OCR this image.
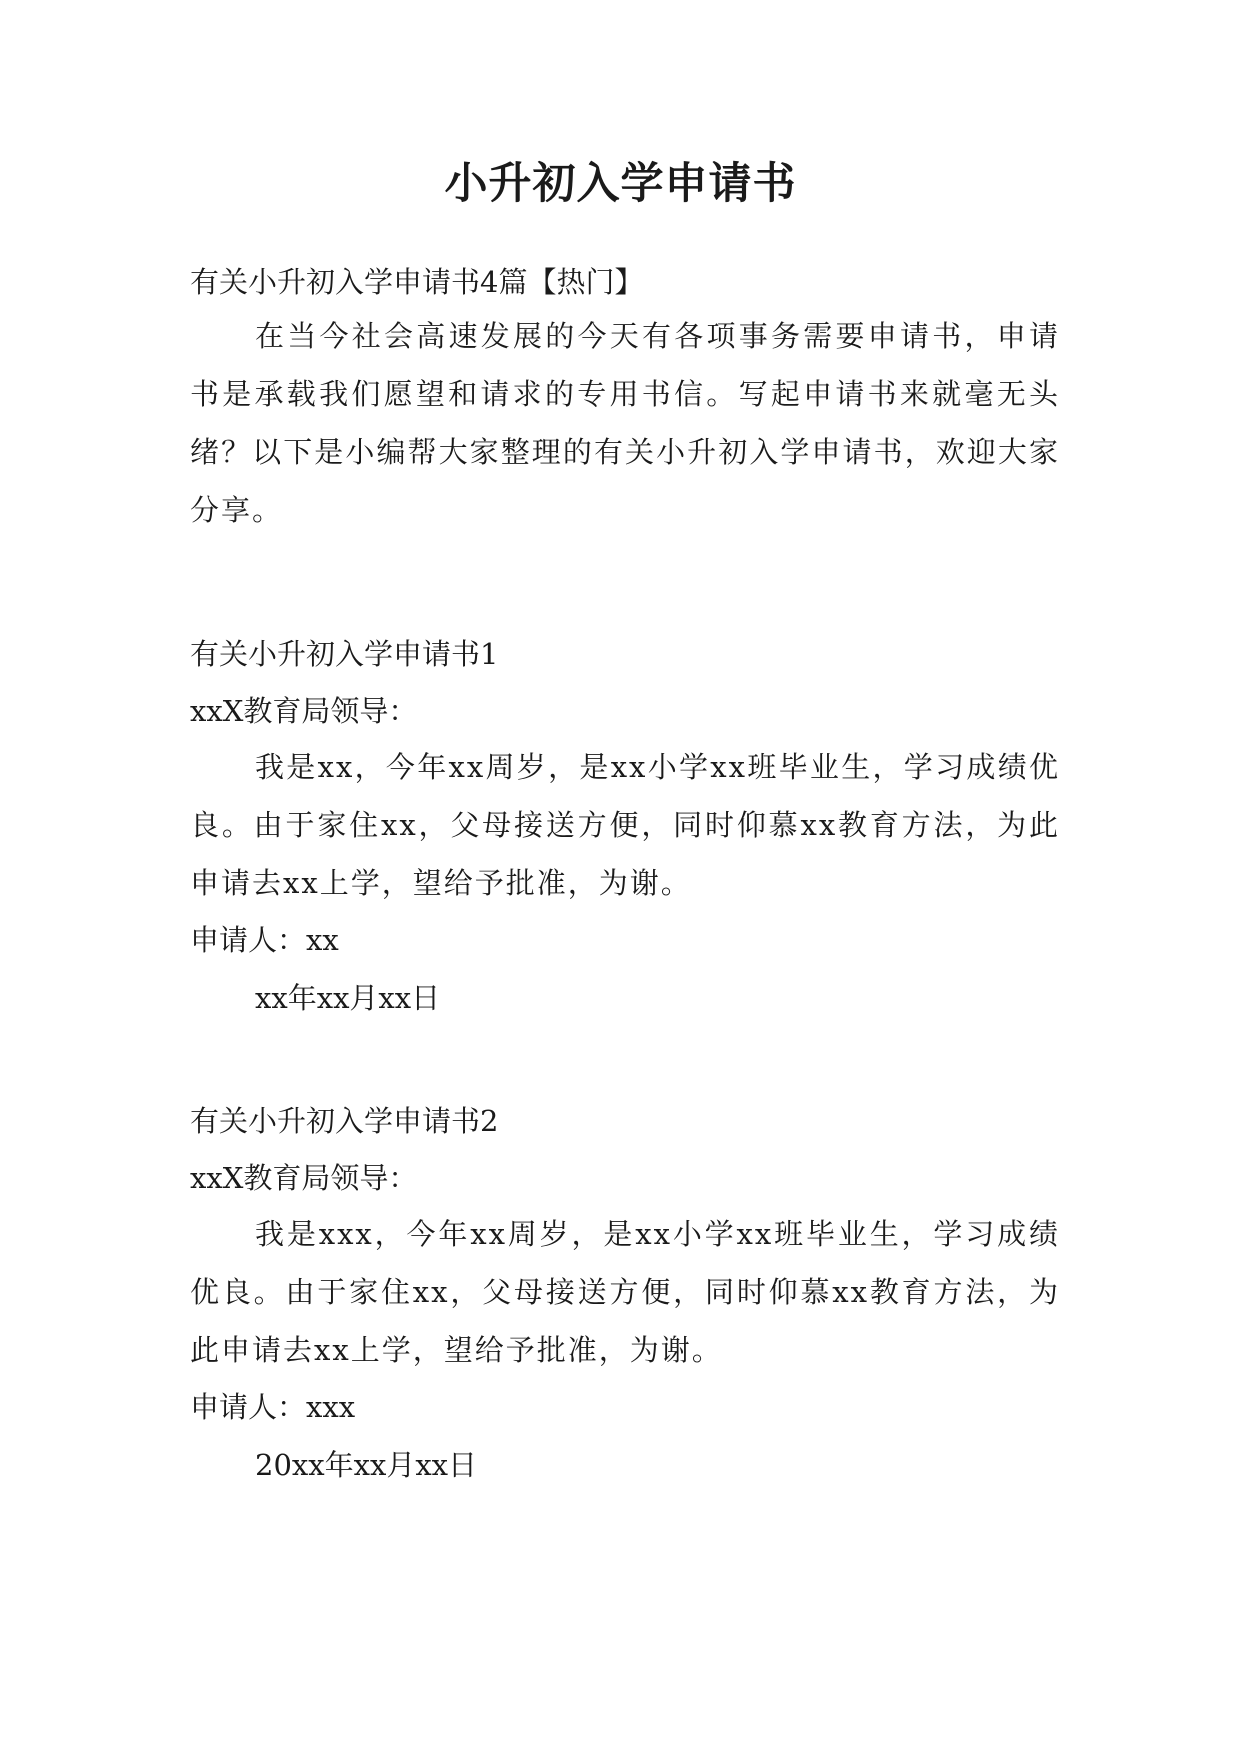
小升初入学申请书

有关小升初入学申请书4篇【热门】

在当今社会高速发展的今天有各项事务需要申请书，申请书是承载我们愿望和请求的专用书信。写起申请书来就毫无头绪？以下是小编帮大家整理的有关小升初入学申请书，欢迎大家分享。

有关小升初入学申请书1

xxX教育局领导：

我是xx，今年xx周岁，是xx小学xx班毕业生，学习成绩优良。由于家住xx，父母接送方便，同时仰慕xx教育方法，为此申请去xx上学，望给予批准，为谢。

申请人：xx

xx年xx月xx日

有关小升初入学申请书2

xxX教育局领导：

我是xxx，今年xx周岁，是xx小学xx班毕业生，学习成绩优良。由于家住xx，父母接送方便，同时仰慕xx教育方法，为此申请去xx上学，望给予批准，为谢。

申请人：xxx

20xx年xx月xx日
